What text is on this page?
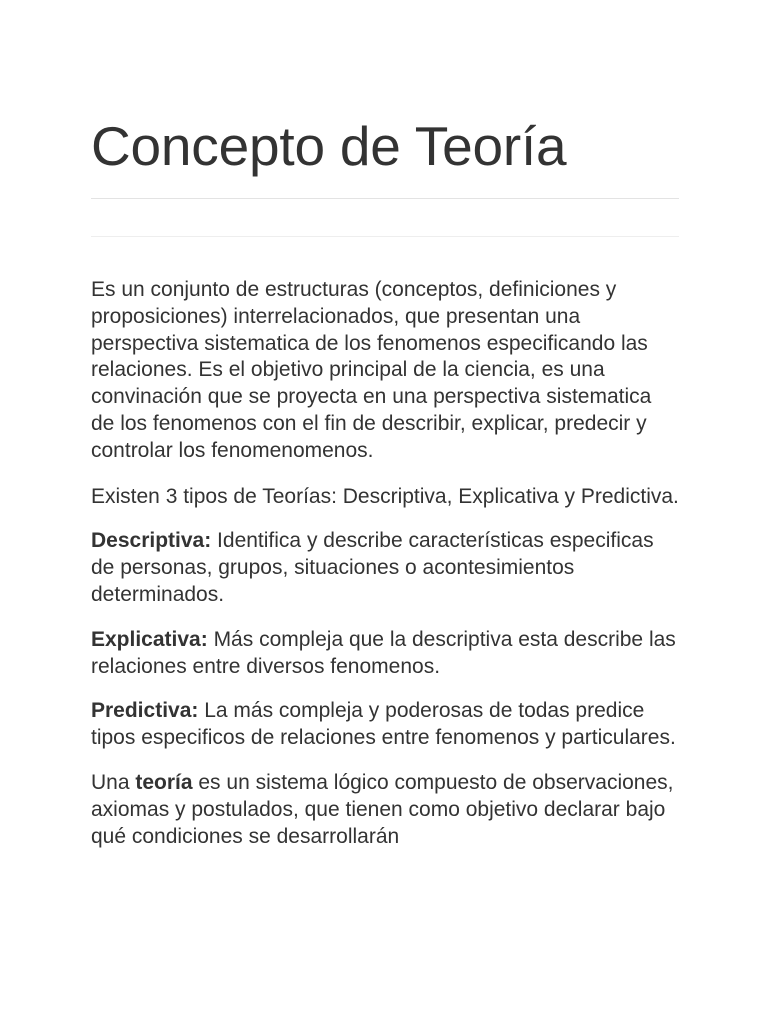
Concepto de Teoría

Es un conjunto de estructuras (conceptos, definiciones y proposiciones) interrelacionados, que presentan una perspectiva sistematica de los fenomenos especificando las relaciones. Es el objetivo principal de la ciencia, es una convinación que se proyecta en una perspectiva sistematica de los fenomenos con el fin de describir, explicar, predecir y controlar los fenomenomenos.

Existen 3 tipos de Teorías: Descriptiva, Explicativa y Predictiva.

Descriptiva: Identifica y describe características especificas de personas, grupos, situaciones o acontesimientos determinados.

Explicativa: Más compleja que la descriptiva esta describe las relaciones entre diversos fenomenos.

Predictiva: La más compleja y poderosas de todas predice tipos especificos de relaciones entre fenomenos y particulares.

Una teoría es un sistema lógico compuesto de observaciones, axiomas y postulados, que tienen como objetivo declarar bajo qué condiciones se desarrollarán
